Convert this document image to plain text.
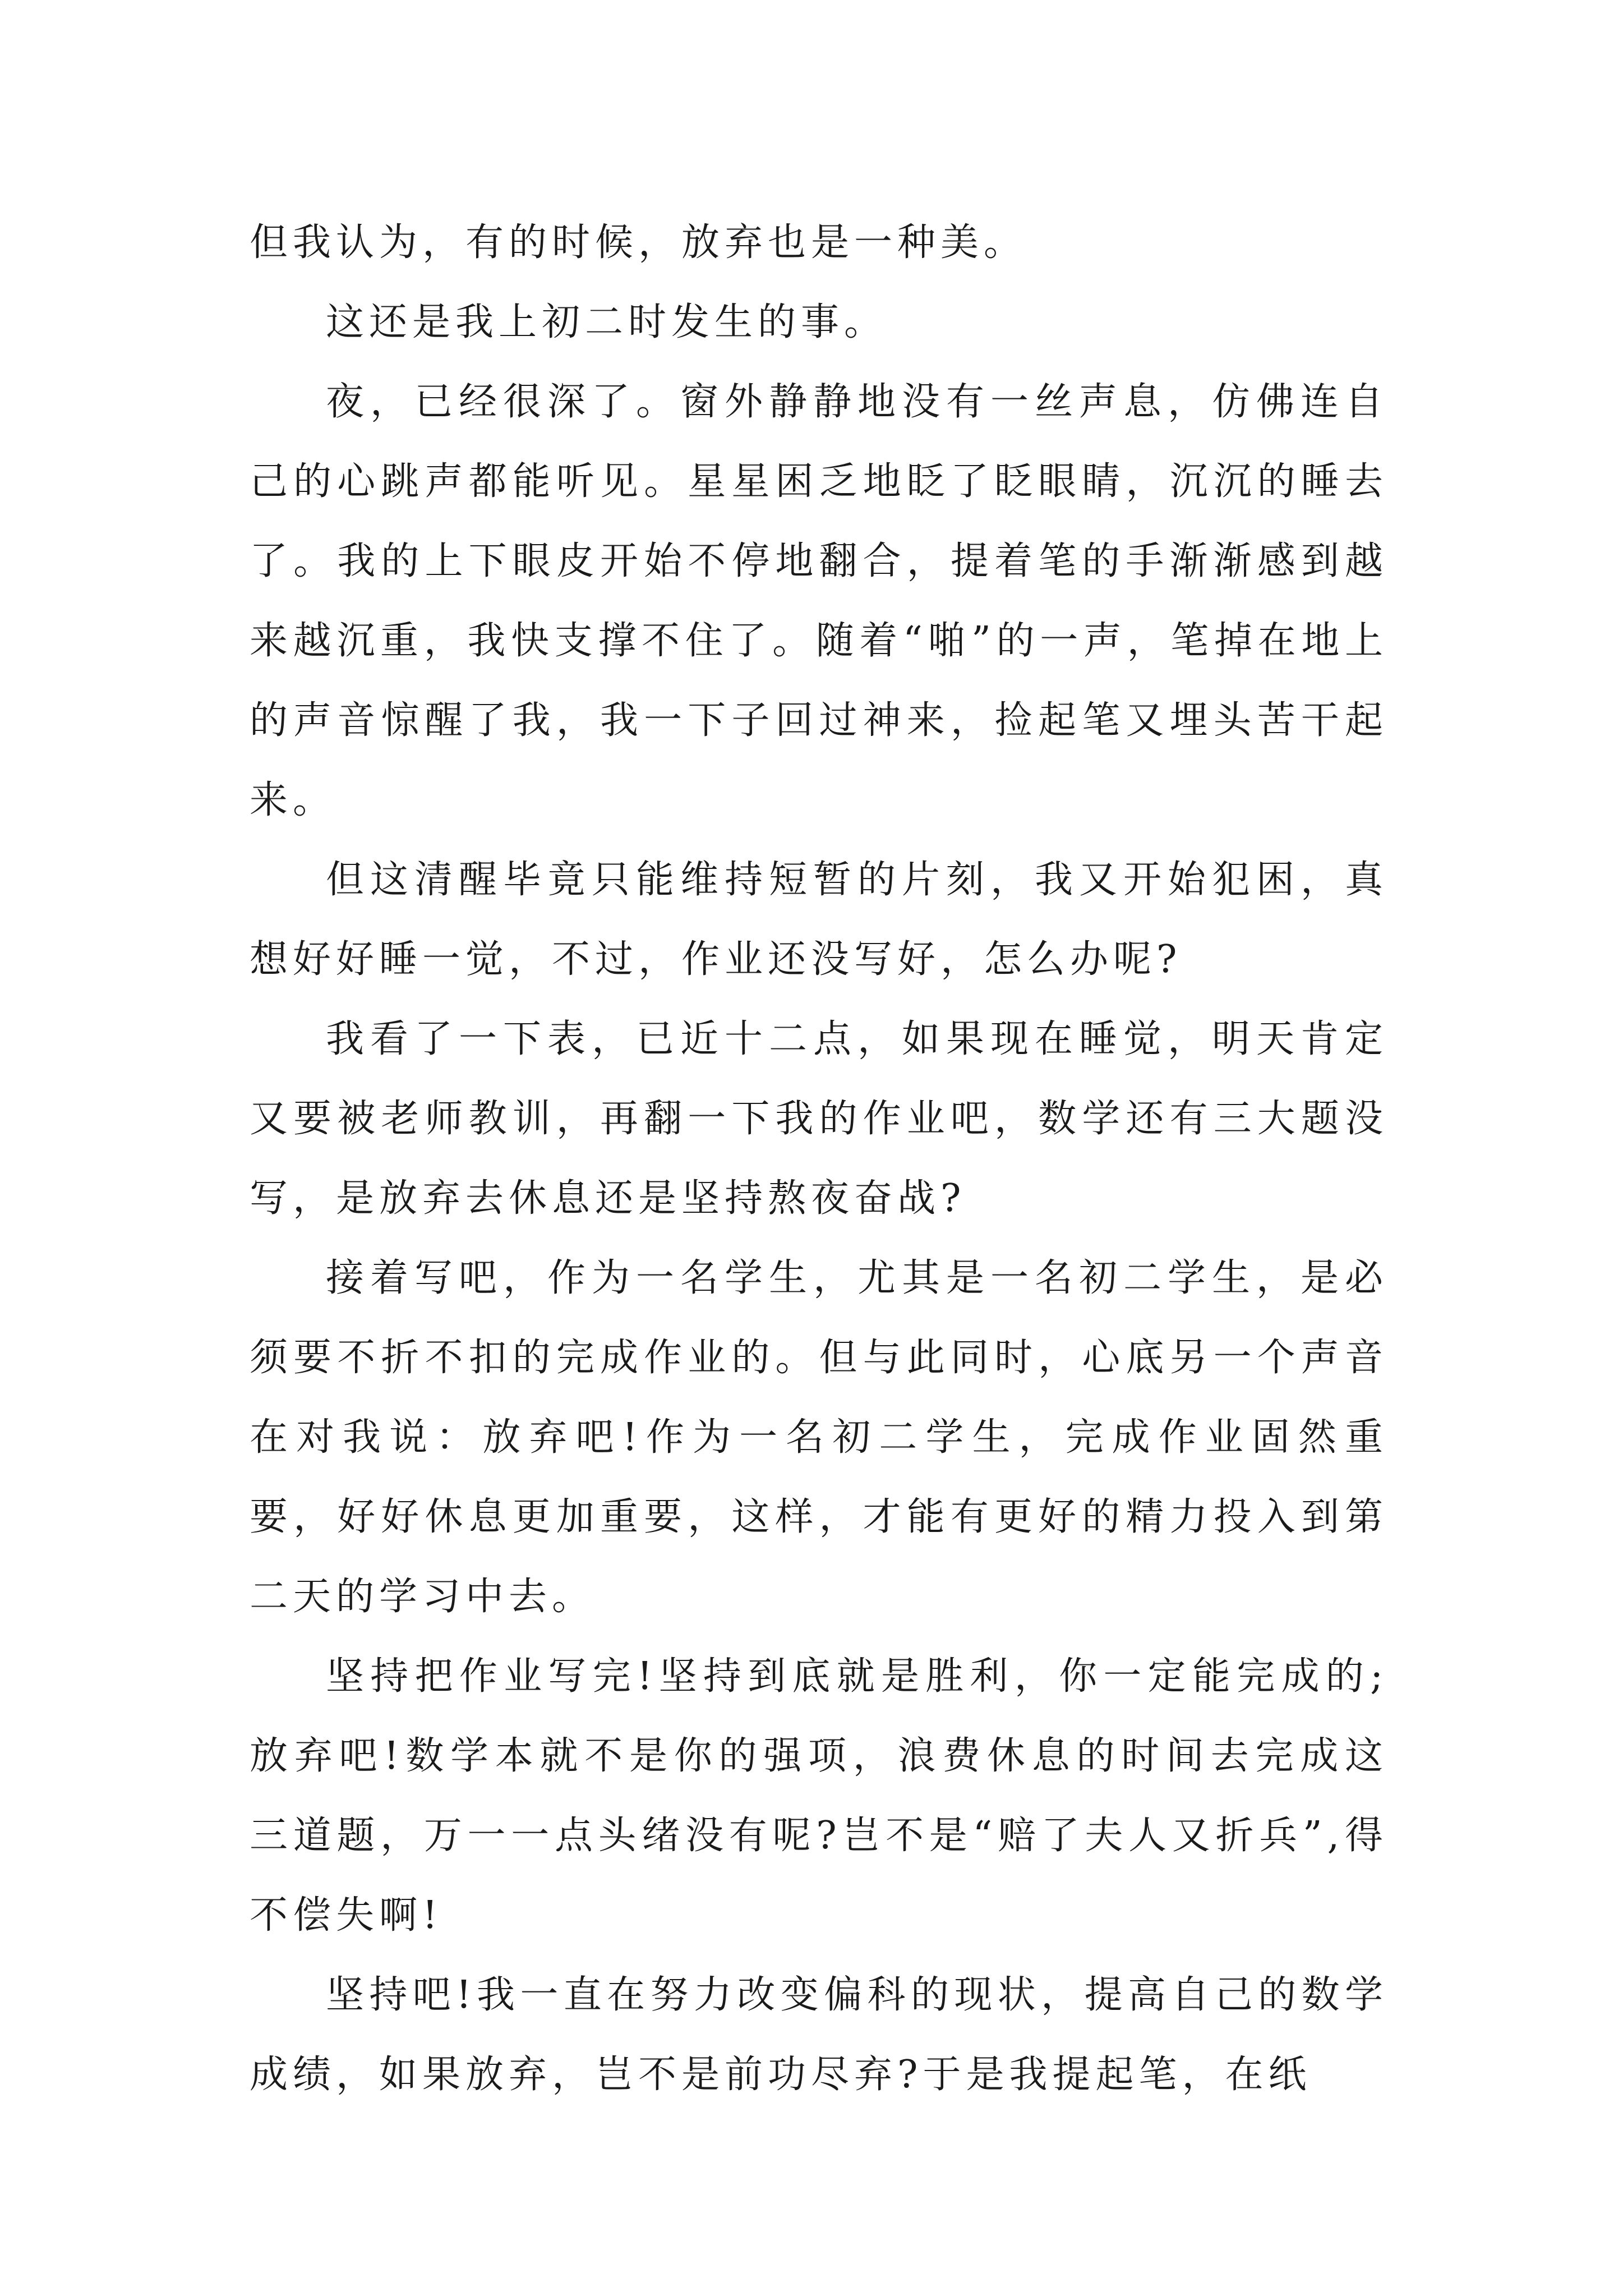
但我认为，有的时候，放弃也是一种美。

这还是我上初二时发生的事。

夜，已经很深了。窗外静静地没有一丝声息，仿佛连自己的心跳声都能听见。星星困乏地眨了眨眼睛，沉沉的睡去了。我的上下眼皮开始不停地翻合，提着笔的手渐渐感到越来越沉重，我快支撑不住了。随着“啪”的一声，笔掉在地上的声音惊醒了我，我一下子回过神来，捡起笔又埋头苦干起来。

但这清醒毕竟只能维持短暂的片刻，我又开始犯困，真想好好睡一觉，不过，作业还没写好，怎么办呢?

我看了一下表，已近十二点，如果现在睡觉，明天肯定又要被老师教训，再翻一下我的作业吧，数学还有三大题没写，是放弃去休息还是坚持熬夜奋战?

接着写吧，作为一名学生，尤其是一名初二学生，是必须要不折不扣的完成作业的。但与此同时，心底另一个声音在对我说：放弃吧!作为一名初二学生，完成作业固然重要，好好休息更加重要，这样，才能有更好的精力投入到第二天的学习中去。

坚持把作业写完!坚持到底就是胜利，你一定能完成的;放弃吧!数学本就不是你的强项，浪费休息的时间去完成这三道题，万一一点头绪没有呢?岂不是“赔了夫人又折兵”,得不偿失啊!

坚持吧!我一直在努力改变偏科的现状，提高自己的数学成绩，如果放弃，岂不是前功尽弃?于是我提起笔，在纸
